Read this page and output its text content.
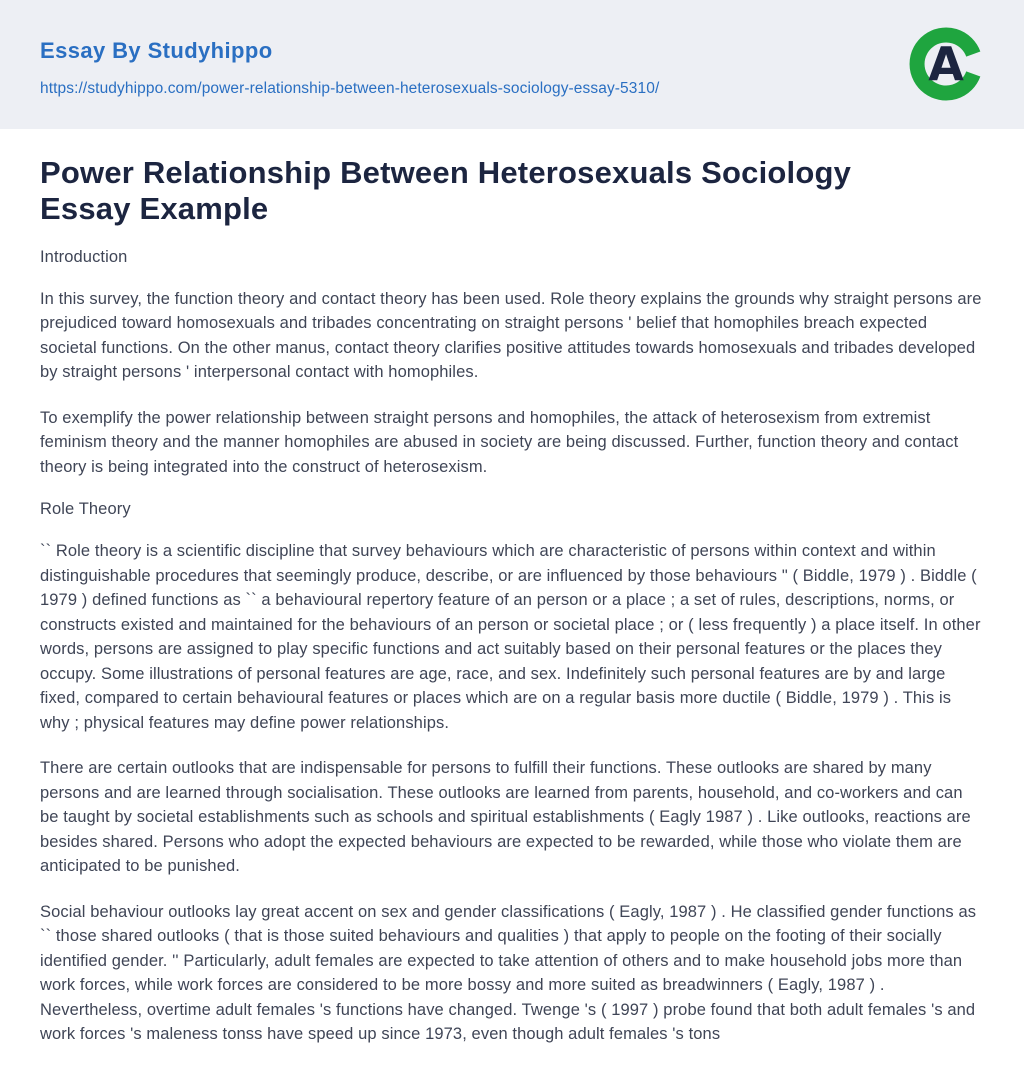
Essay By Studyhippo
https://studyhippo.com/power-relationship-between-heterosexuals-sociology-essay-5310/	A
Power Relationship Between Heterosexuals Sociology Essay Example
Introduction

In this survey, the function theory and contact theory has been used. Role theory explains the grounds why straight persons are prejudiced toward homosexuals and tribades concentrating on straight persons ' belief that homophiles breach expected societal functions. On the other manus, contact theory clarifies positive attitudes towards homosexuals and tribades developed by straight persons ' interpersonal contact with homophiles.

To exemplify the power relationship between straight persons and homophiles, the attack of heterosexism from extremist feminism theory and the manner homophiles are abused in society are being discussed. Further, function theory and contact theory is being integrated into the construct of heterosexism.

Role Theory

`` Role theory is a scientific discipline that survey behaviours which are characteristic of persons within context and within distinguishable procedures that seemingly produce, describe, or are influenced by those behaviours " ( Biddle, 1979 ) . Biddle ( 1979 ) defined functions as `` a behavioural repertory feature of an person or a place ; a set of rules, descriptions, norms, or constructs existed and maintained for the behaviours of an person or societal place ; or ( less frequently ) a place itself. In other words, persons are assigned to play specific functions and act suitably based on their personal features or the places they occupy. Some illustrations of personal features are age, race, and sex. Indefinitely such personal features are by and large fixed, compared to certain behavioural features or places which are on a regular basis more ductile ( Biddle, 1979 ) . This is why ; physical features may define power relationships.

There are certain outlooks that are indispensable for persons to fulfill their functions. These outlooks are shared by many persons and are learned through socialisation. These outlooks are learned from parents, household, and co-workers and can be taught by societal establishments such as schools and spiritual establishments ( Eagly 1987 ) . Like outlooks, reactions are besides shared. Persons who adopt the expected behaviours are expected to be rewarded, while those who violate them are anticipated to be punished.

Social behaviour outlooks lay great accent on sex and gender classifications ( Eagly, 1987 ) . He classified gender functions as `` those shared outlooks ( that is those suited behaviours and qualities ) that apply to people on the footing of their socially identified gender. '' Particularly, adult females are expected to take attention of others and to make household jobs more than work forces, while work forces are considered to be more bossy and more suited as breadwinners ( Eagly, 1987 ) . Nevertheless, overtime adult females 's functions have changed. Twenge 's ( 1997 ) probe found that both adult females 's and work forces 's maleness tonss have speed up since 1973, even though adult females 's tons
